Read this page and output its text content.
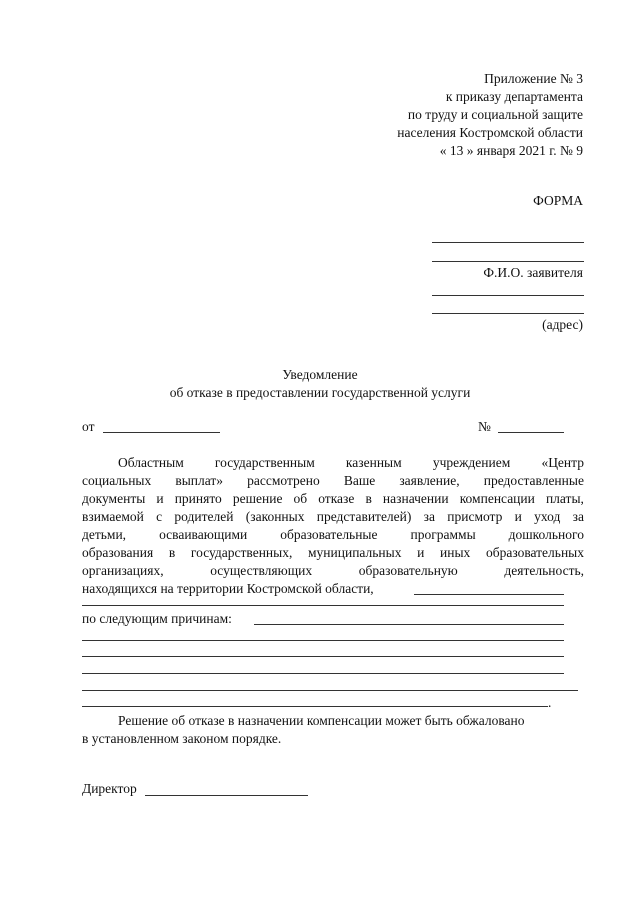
Приложение № 3
к приказу департамента
по труду и социальной защите
населения Костромской области
« 13 » января 2021 г. № 9
ФОРМА
Ф.И.О. заявителя
(адрес)
Уведомление
об отказе в предоставлении государственной услуги
от	№
Областным государственным казенным учреждением «Центр
социальных выплат» рассмотрено Ваше заявление, предоставленные
документы и принято решение об отказе в назначении компенсации платы,
взимаемой с родителей (законных представителей) за присмотр и уход за
детьми, осваивающими образовательные программы дошкольного
образования в государственных, муниципальных и иных образовательных
организациях,	осуществляющих	образовательную	деятельность,
находящихся на территории Костромской области,
по следующим причинам:
.
Решение об отказе в назначении компенсации может быть обжаловано
в установленном законом порядке.
Директор
